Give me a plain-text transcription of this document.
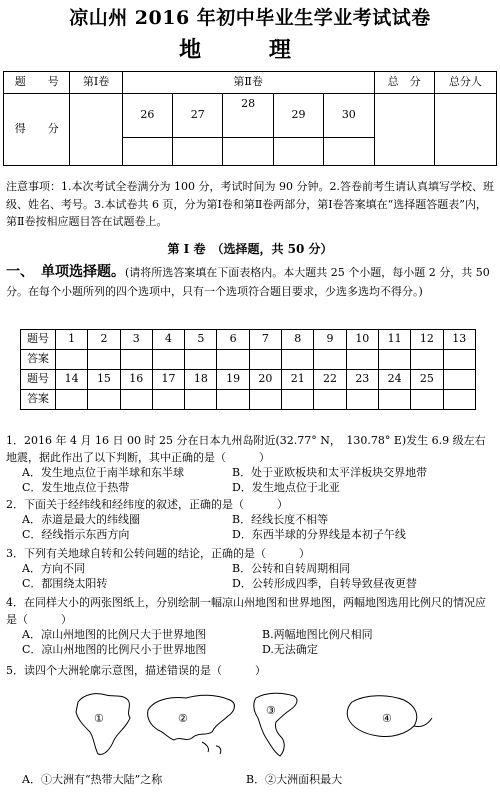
凉山州 2016 年初中毕业生学业考试试卷
地 理
题　　号	第Ⅰ卷	第Ⅱ卷					总　分	总分人
得　　分		26	27	28	29	30		

注意事项：1.本次考试全卷满分为 100 分，考试时间为 90 分钟。2.答卷前考生请认真填写学校、班级、姓名、考号。3.本试卷共 6 页，分为第Ⅰ卷和第Ⅱ卷两部分，第Ⅰ卷答案填在“选择题答题表”内，第Ⅱ卷按相应题目答在试题卷上。
第 Ⅰ 卷　（选择题，共 50 分）
一、　单项选择题。(请将所选答案填在下面表格内。本大题共 25 个小题，每小题 2 分，共 50 分。在每个小题所列的四个选项中，只有一个选项符合题目要求，少选多选均不得分。)
题号	1	2	3	4	5	6	7	8	9	10	11	12	13
答案													
题号	14	15	16	17	18	19	20	21	22	23	24	25	
答案													
1．2016 年 4 月 16 日 00 时 25 分在日本九州岛附近(32.77° N，　130.78° E)发生 6.9 级左右地震，据此作出了以下判断，其中正确的是（　　　）
A．发生地点位于南半球和东半球	B．处于亚欧板块和太平洋板块交界地带
C．发生地点位于热带	D．发生地点位于北亚
2．下面关于经纬线和经纬度的叙述，正确的是（　　　）
A．赤道是最大的纬线圈	B．经线长度不相等
C．经线指示东西方向	D．东西半球的分界线是本初子午线
3．下列有关地球自转和公转问题的结论，正确的是（　　　）
A．方向不同	B．公转和自转周期相同
C．都围绕太阳转	D．公转形成四季，自转导致昼夜更替
4．在同样大小的两张图纸上，分别绘制一幅凉山州地图和世界地图，两幅地图选用比例尺的情况应是（　　　）
A．凉山州地图的比例尺大于世界地图	B.两幅地图比例尺相同
C．凉山州地图的比例尺小于世界地图	D.无法确定
5．读四个大洲轮廓示意图，描述错误的是（　　　）
①	②
③
④
A．①大洲有“热带大陆”之称	B．②大洲面积最大
